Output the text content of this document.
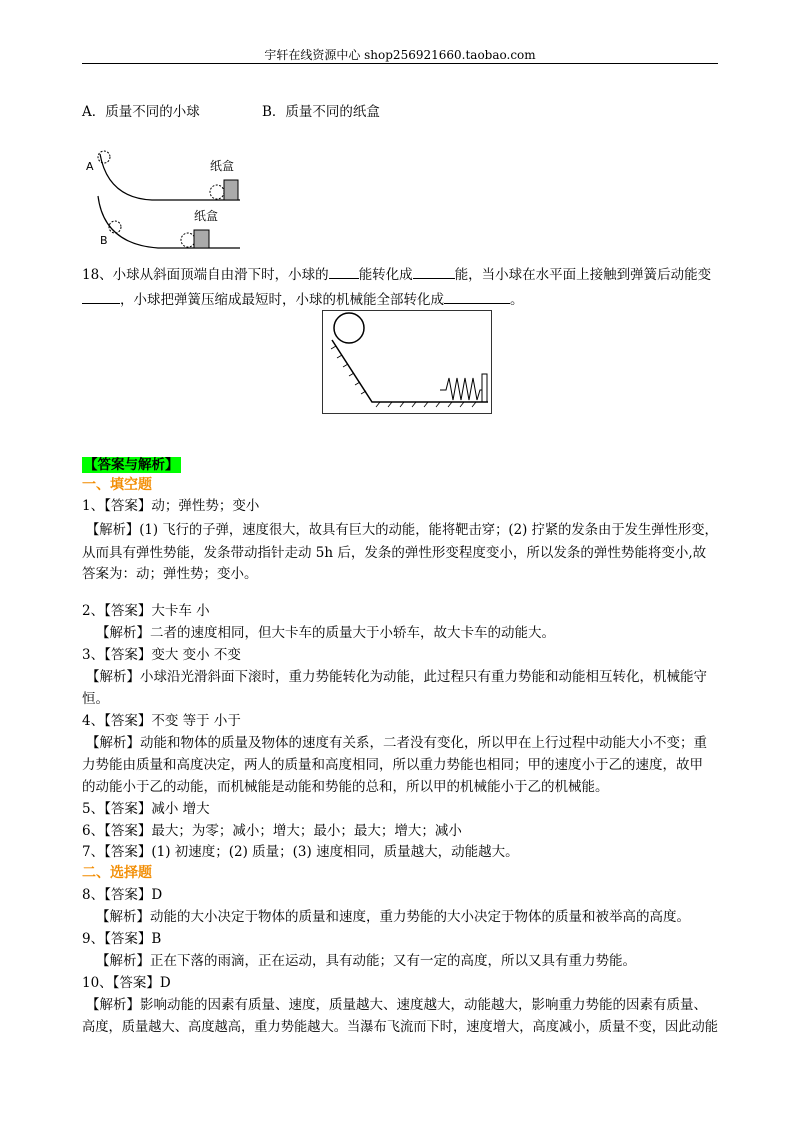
宇轩在线资源中心 shop256921660.taobao.com
A．质量不同的小球	B．质量不同的纸盒
A	纸盒
B
纸盒
18、小球从斜面顶端自由滑下时，小球的 能转化成	能，当小球在水平面上接触到弹簧后动能变
，小球把弹簧压缩成最短时，小球的机械能全部转化成	。
【答案与解析】
一、填空题
1、【答案】动；弹性势；变小
【解析】(1) 飞行的子弹，速度很大，故具有巨大的动能，能将靶击穿；(2) 拧紧的发条由于发生弹性形变，
从而具有弹性势能，发条带动指针走动 5h 后，发条的弹性形变程度变小，所以发条的弹性势能将变小,故
答案为：动；弹性势；变小。
2、【答案】大卡车 小
【解析】二者的速度相同，但大卡车的质量大于小轿车，故大卡车的动能大。
3、【答案】变大 变小 不变
【解析】小球沿光滑斜面下滚时，重力势能转化为动能，此过程只有重力势能和动能相互转化，机械能守
恒。
4、【答案】不变 等于 小于
【解析】动能和物体的质量及物体的速度有关系，二者没有变化，所以甲在上行过程中动能大小不变；重
力势能由质量和高度决定，两人的质量和高度相同，所以重力势能也相同；甲的速度小于乙的速度，故甲
的动能小于乙的动能，而机械能是动能和势能的总和，所以甲的机械能小于乙的机械能。
5、【答案】减小 增大
6、【答案】最大；为零；减小；增大；最小；最大；增大；减小
7、【答案】(1) 初速度；(2) 质量；(3) 速度相同，质量越大，动能越大。
二、选择题
8、【答案】D
【解析】动能的大小决定于物体的质量和速度，重力势能的大小决定于物体的质量和被举高的高度。
9、【答案】B
【解析】正在下落的雨滴，正在运动，具有动能；又有一定的高度，所以又具有重力势能。
10、【答案】D
【解析】影响动能的因素有质量、速度，质量越大、速度越大，动能越大，影响重力势能的因素有质量、
高度，质量越大、高度越高，重力势能越大。当瀑布飞流而下时，速度增大，高度减小，质量不变，因此动能
